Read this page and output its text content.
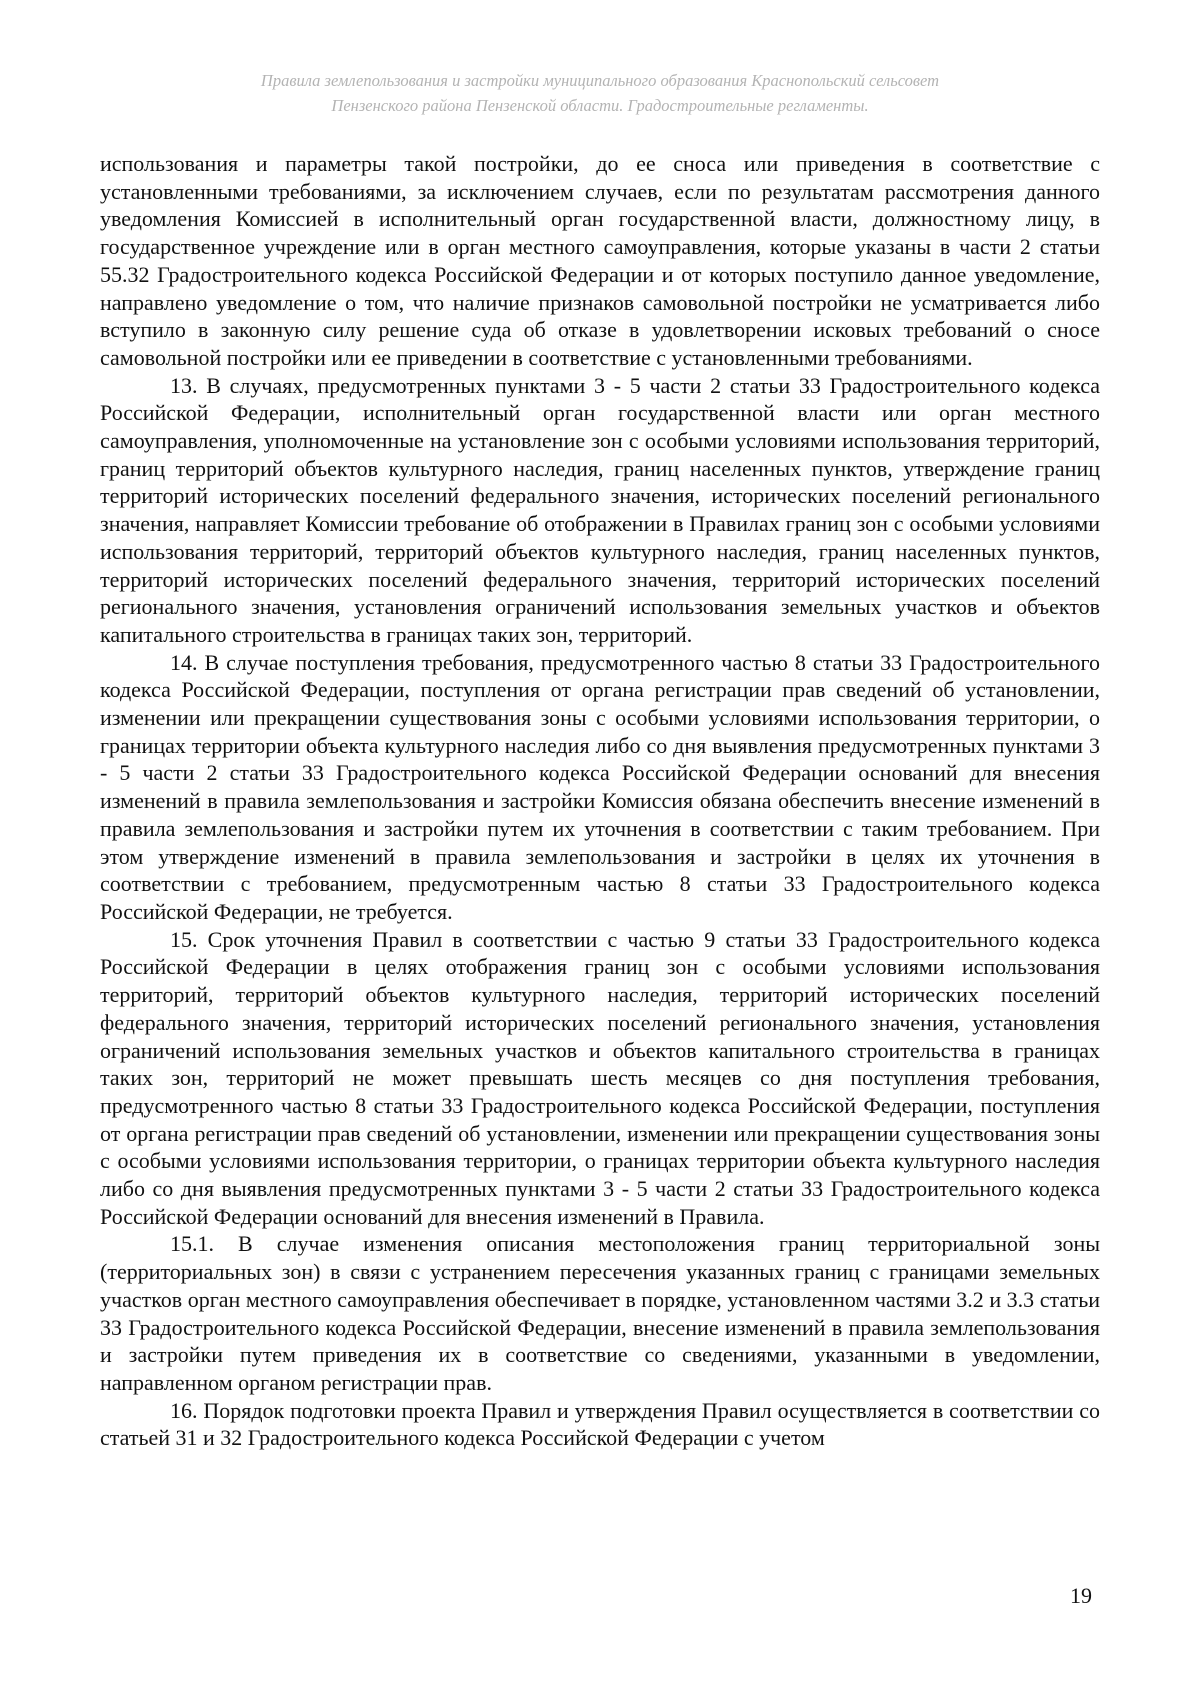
Правила землепользования и застройки муниципального образования Краснопольский сельсовет
Пензенского района Пензенской области. Градостроительные регламенты.

использования и параметры такой постройки, до ее сноса или приведения в соответствие с установленными требованиями, за исключением случаев, если по результатам рассмотрения данного уведомления Комиссией в исполнительный орган государственной власти, должностному лицу, в государственное учреждение или в орган местного самоуправления, которые указаны в части 2 статьи 55.32 Градостроительного кодекса Российской Федерации и от которых поступило данное уведомление, направлено уведомление о том, что наличие признаков самовольной постройки не усматривается либо вступило в законную силу решение суда об отказе в удовлетворении исковых требований о сносе самовольной постройки или ее приведении в соответствие с установленными требованиями.

13. В случаях, предусмотренных пунктами 3 - 5 части 2 статьи 33 Градостроительного кодекса Российской Федерации, исполнительный орган государственной власти или орган местного самоуправления, уполномоченные на установление зон с особыми условиями использования территорий, границ территорий объектов культурного наследия, границ населенных пунктов, утверждение границ территорий исторических поселений федерального значения, исторических поселений регионального значения, направляет Комиссии требование об отображении в Правилах границ зон с особыми условиями использования территорий, территорий объектов культурного наследия, границ населенных пунктов, территорий исторических поселений федерального значения, территорий исторических поселений регионального значения, установления ограничений использования земельных участков и объектов капитального строительства в границах таких зон, территорий.

14. В случае поступления требования, предусмотренного частью 8 статьи 33 Градостроительного кодекса Российской Федерации, поступления от органа регистрации прав сведений об установлении, изменении или прекращении существования зоны с особыми условиями использования территории, о границах территории объекта культурного наследия либо со дня выявления предусмотренных пунктами 3 - 5 части 2 статьи 33 Градостроительного кодекса Российской Федерации оснований для внесения изменений в правила землепользования и застройки Комиссия обязана обеспечить внесение изменений в правила землепользования и застройки путем их уточнения в соответствии с таким требованием. При этом утверждение изменений в правила землепользования и застройки в целях их уточнения в соответствии с требованием, предусмотренным частью 8 статьи 33 Градостроительного кодекса Российской Федерации, не требуется.

15. Срок уточнения Правил в соответствии с частью 9 статьи 33 Градостроительного кодекса Российской Федерации в целях отображения границ зон с особыми условиями использования территорий, территорий объектов культурного наследия, территорий исторических поселений федерального значения, территорий исторических поселений регионального значения, установления ограничений использования земельных участков и объектов капитального строительства в границах таких зон, территорий не может превышать шесть месяцев со дня поступления требования, предусмотренного частью 8 статьи 33 Градостроительного кодекса Российской Федерации, поступления от органа регистрации прав сведений об установлении, изменении или прекращении существования зоны с особыми условиями использования территории, о границах территории объекта культурного наследия либо со дня выявления предусмотренных пунктами 3 - 5 части 2 статьи 33 Градостроительного кодекса Российской Федерации оснований для внесения изменений в Правила.

15.1. В случае изменения описания местоположения границ территориальной зоны (территориальных зон) в связи с устранением пересечения указанных границ с границами земельных участков орган местного самоуправления обеспечивает в порядке, установленном частями 3.2 и 3.3 статьи 33 Градостроительного кодекса Российской Федерации, внесение изменений в правила землепользования и застройки путем приведения их в соответствие со сведениями, указанными в уведомлении, направленном органом регистрации прав.

16. Порядок подготовки проекта Правил и утверждения Правил осуществляется в соответствии со статьей 31 и 32 Градостроительного кодекса Российской Федерации с учетом

19
